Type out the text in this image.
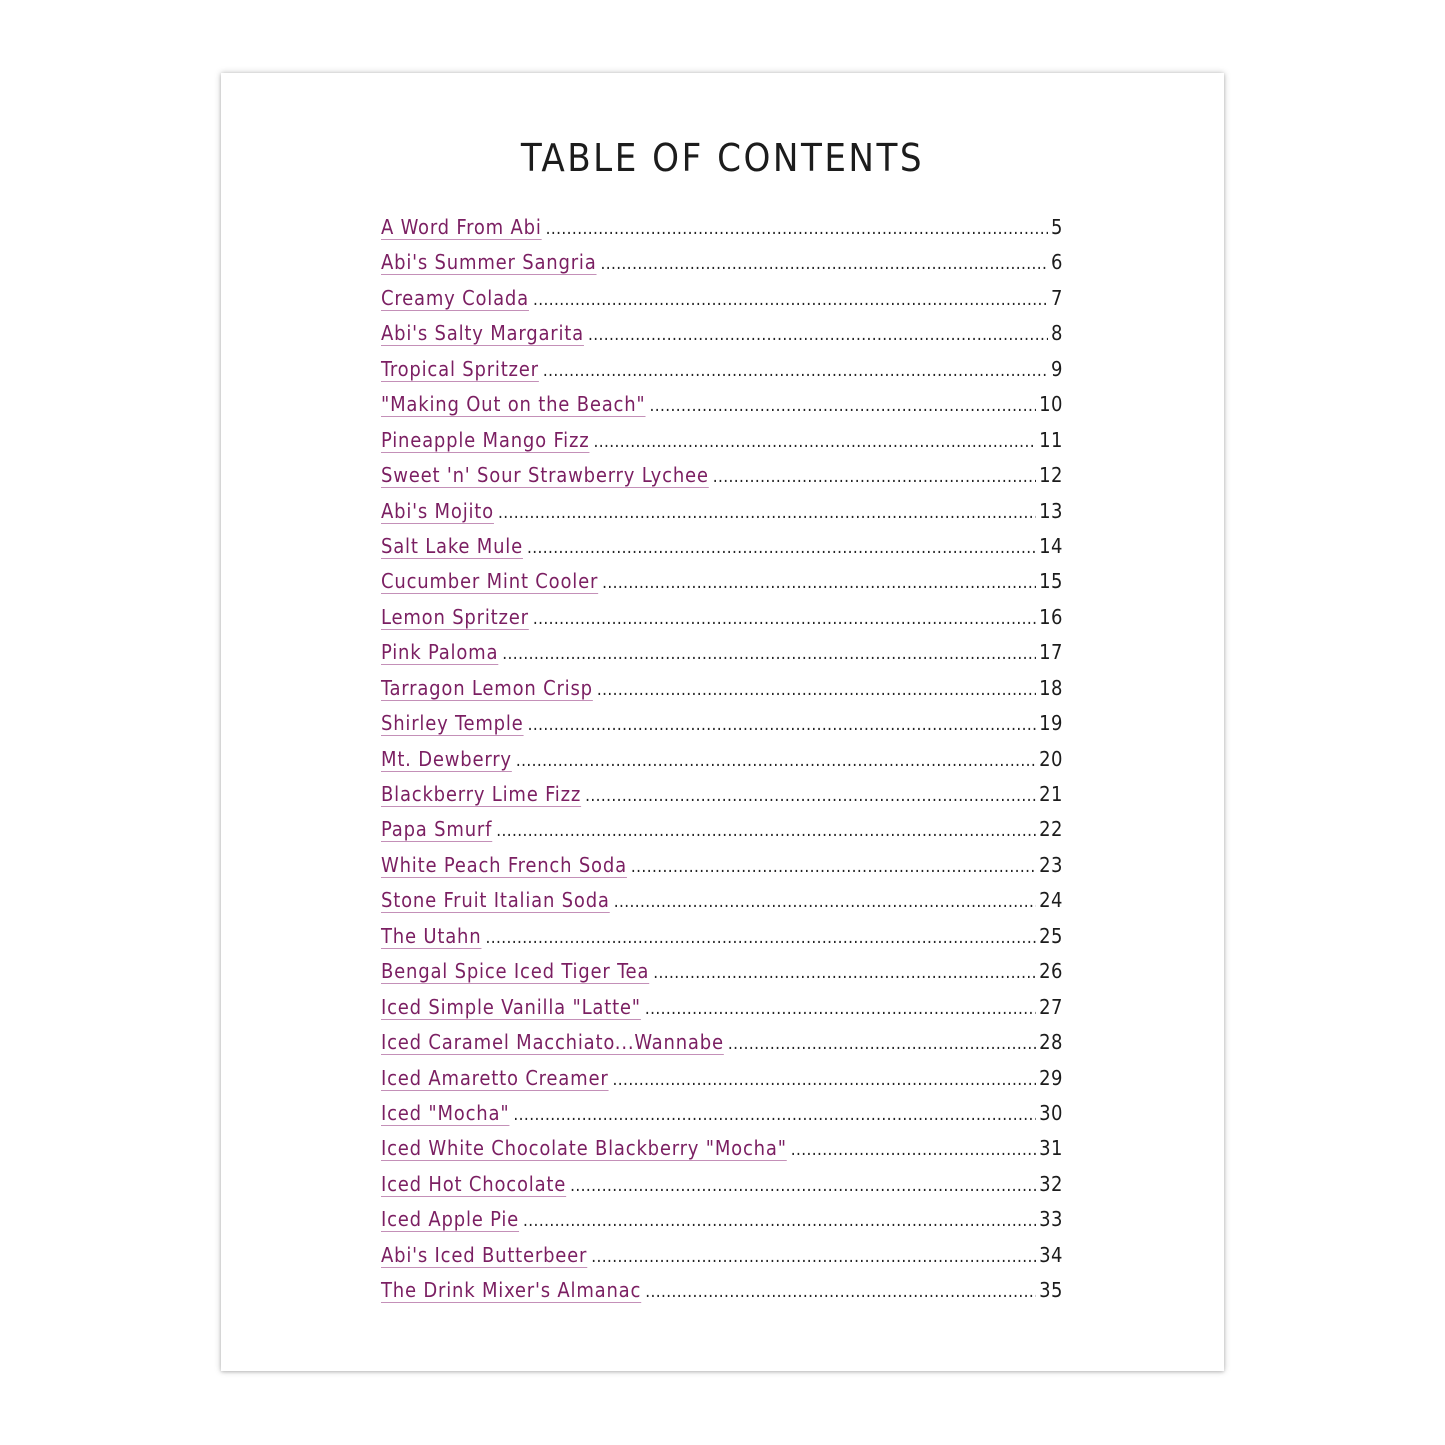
TABLE OF CONTENTS
A Word From Abi .....	5
Abi's Summer Sangria .....	6
Creamy Colada .....	7
Abi's Salty Margarita .....	8
Tropical Spritzer .....	9
"Making Out on the Beach" .....	10
Pineapple Mango Fizz .....	11
Sweet 'n' Sour Strawberry Lychee .....	12
Abi's Mojito .....	13
Salt Lake Mule .....	14
Cucumber Mint Cooler .....	15
Lemon Spritzer .....	16
Pink Paloma .....	17
Tarragon Lemon Crisp .....	18
Shirley Temple .....	19
Mt. Dewberry .....	20
Blackberry Lime Fizz .....	21
Papa Smurf .....	22
White Peach French Soda .....	23
Stone Fruit Italian Soda .....	24
The Utahn .....	25
Bengal Spice Iced Tiger Tea .....	26
Iced Simple Vanilla "Latte" .....	27
Iced Caramel Macchiato...Wannabe .....	28
Iced Amaretto Creamer .....	29
Iced "Mocha" .....	30
Iced White Chocolate Blackberry "Mocha" .....	31
Iced Hot Chocolate .....	32
Iced Apple Pie .....	33
Abi's Iced Butterbeer .....	34
The Drink Mixer's Almanac .....	35
